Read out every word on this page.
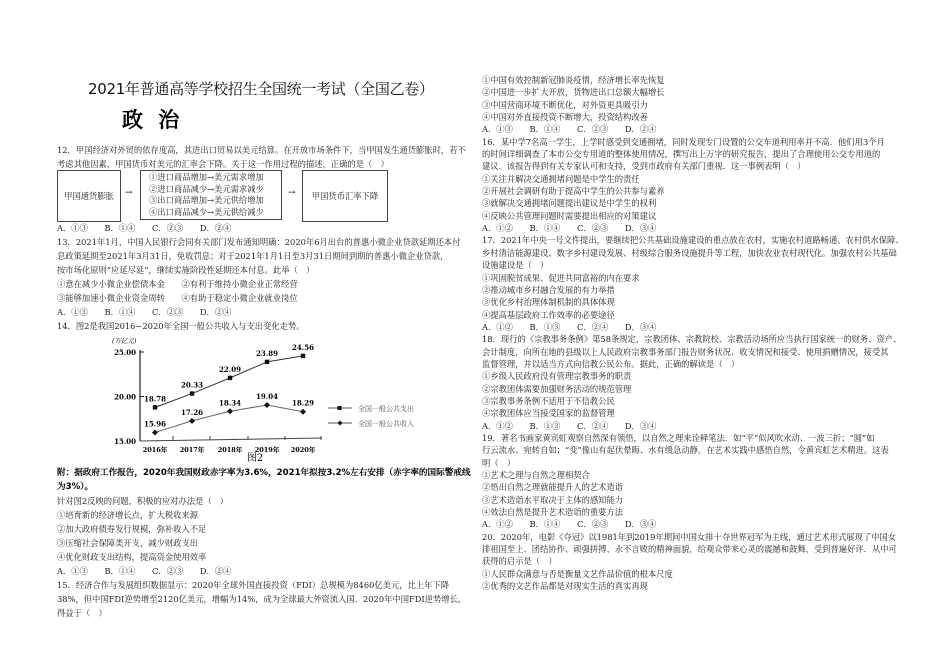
2021年普通高等学校招生全国统一考试（全国乙卷）
政 治
12．甲国经济对外贸的依存度高，其进出口贸易以美元结算。在开放市场条件下，当甲国发生通货膨胀时，若不
考虑其他因素，甲国货币对美元的汇率会下降。关于这一作用过程的描述，正确的是（　）
甲国通货膨胀	→
①进口商品增加→美元需求增加
②进口商品减少→美元需求减少
③出口商品增加→美元供给增加
④出口商品减少→美元供给减少
→	甲国货币汇率下降
A．①③　　B．①④　　C．②③　　D．②④
13．2021年1月，中国人民银行会同有关部门发布通知明确：2020年6月出台的普惠小微企业贷款延期还本付
息政策延期至2021年3月31日，免收罚息；对于2021年1月1日至3月31日期间到期的普惠小微企业贷款，
按市场化原则“应延尽延”，继续实施阶段性延期还本付息。此举（　）
①意在减少小微企业偿债本金　　②有利于维持小微企业正常经营
③能够加速小微企业资金周转　　④有助于稳定小微企业就业岗位
A．①③　　B．①④　　C．②③　　D．②④
14．图2是我国2016~2020年全国一般公共收入与支出变化走势。
(万亿元)
15.00
20.00
25.00
2016年 2017年 2018年 2019年 2020年
图2
18.78
20.33
22.09
23.89
24.56
全国一般公共支出
15.96
17.26
18.34
19.04
18.29
全国一般公共收入
附：据政府工作报告，2020年我国财政赤字率为3.6%，2021年拟按3.2%左右安排（赤字率的国际警戒线
为3%）。
针对图2反映的问题，积极的应对办法是（　）
①培育新的经济增长点，扩大税收来源
②加大政府债券发行规模，弥补收入不足
③压缩社会保障类开支，减少财政支出
④优化财政支出结构，提高资金使用效率
A．①③　　B．①④　　C．②③　　D．②④
15．经济合作与发展组织数据显示：2020年全球外国直接投资（FDI）总规模为8460亿美元，比上年下降
38%，但中国FDI逆势增至2120亿美元，增幅为14%，成为全球最大外资流入国．2020年中国FDI逆势增长，
得益于（　）
①中国有效控制新冠肺炎疫情，经济增长率先恢复
②中国进一步扩大开放，货物进出口总额大幅增长
③中国营商环境不断优化，对外资更具吸引力
④中国对外直接投资不断增大，投资结构改善
A．①③　　B．①④　　C．②③　　D．②④
16．某中学7名高一学生，上学时感受到交通拥堵，同时发现专门设置的公交车道利用率并不高．他们用3个月
的时间详细调查了本市公交专用道的整体使用情况，撰写出上万字的研究报告，提出了合理使用公交专用道的
建议．该报告得到有关专家认可和支持，受到市政府有关部门重视．这一事例表明（　）
①关注并解决交通拥堵问题是中学生的责任
②开展社会调研有助于提高中学生的公共参与素养
③就解决交通拥堵问题提出建议是中学生的权利
④反映公共管理问题时需要提出相应的对策建议
A．①②　　B．①④　　C．②③　　D．③④
17．2021年中央一号文件提出，要继续把公共基础设施建设的重点放在农村，实施农村道路畅通、农村供水保障、
乡村清洁能源建设、数字乡村建设发展、村级综合服务设施提升等工程，加快农业农村现代化。加强农村公共基础
设施建设是（　）
①巩固脱贫成果、促进共同富裕的内在要求
②推动城市乡村融合发展的有力举措
③优化乡村治理体制机制的具体体现
④提高基层政府工作效率的必要途径
A．①②　　B．①③　　C．②④　　D．③④
18．现行的《宗教事务条例》第58条规定，宗教团体、宗教院校、宗教活动场所应当执行国家统一的财务、资产、
会计制度，向所在地的县级以上人民政府宗教事务部门报告财务状况、收支情况和接受、使用捐赠情况，接受其
监督管理，并以适当方式向信教公民公布。据此，正确的解读是（　）
①乡级人民政府没有管理宗教事务的职责
②宗教团体需要加强财务活动的规范管理
③宗教事务条例不适用于不信教公民
④宗教团体应当接受国家的监督管理
A．①②　　B．①③　　C．②④　　D．③④
19．著名书画家黄宾虹观察自然深有领悟，以自然之理来诠释笔法．如“平”似风吹水动、一波三折；“圆”如
行云流水、宛转自如；“变”像山有起伏晕晦、水有缓急动静。在艺术实践中感悟自然，令黄宾虹艺术精进。这表
明（　）
①艺术之理与自然之理相契合
②悟出自然之理就能提升人的艺术造诣
③艺术造诣水平取决于主体的感知能力
④效法自然是提升艺术造诣的重要方法
A．①②　　B．①④　　C．②③　　D．③④
20．2020年，电影《夺冠》以1981年到2019年期间中国女排十夺世界冠军为主线，通过艺术形式展现了中国女
排祖国至上、团结协作、顽强拼搏、永不言败的精神面貌，给观众带来心灵的震撼和鼓舞，受到普遍好评．从中可
获得的启示是（　）
①人民群众满意与否是衡量文艺作品价值的根本尺度
②优秀的文艺作品都是对现实生活的真实再现
